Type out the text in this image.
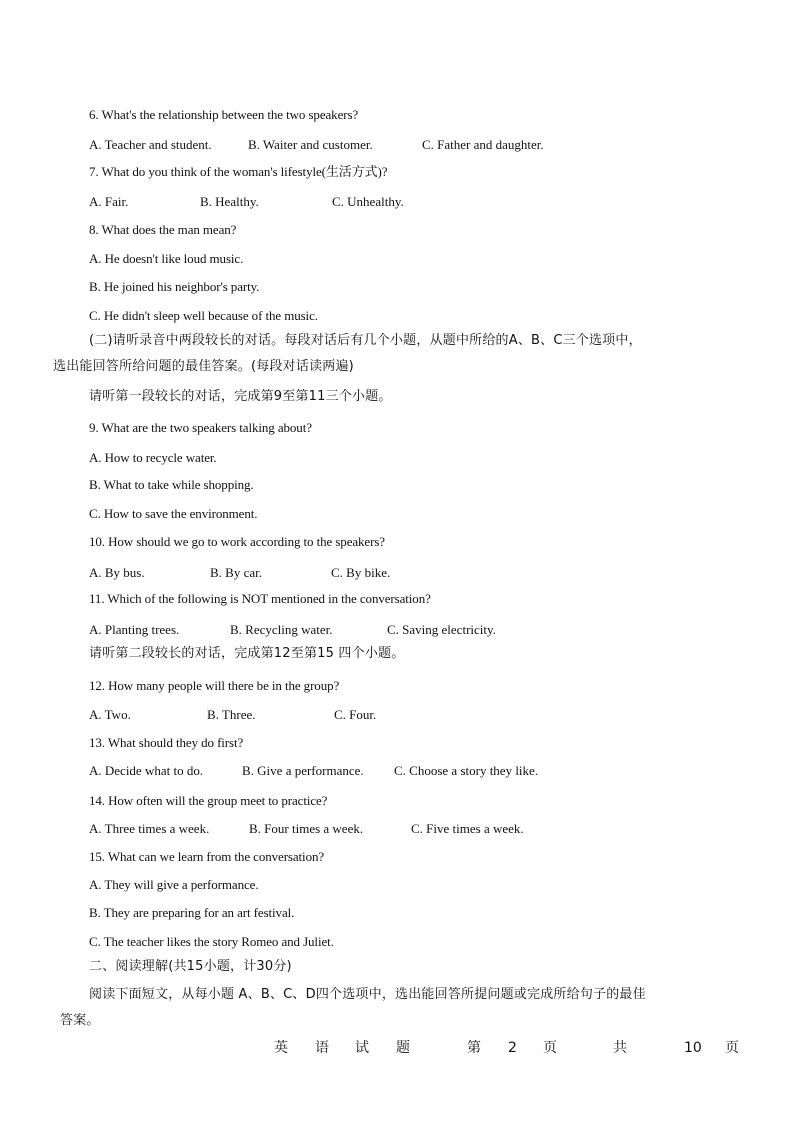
6. What's the relationship between the two speakers?
A. Teacher and student.	B. Waiter and customer.	C. Father and daughter.
7. What do you think of the woman's lifestyle(生活方式)?
A. Fair.	B. Healthy.	C. Unhealthy.
8. What does the man mean?
A. He doesn't like loud music.
B. He joined his neighbor's party.
C. He didn't sleep well because of the music.
(二)请听录音中两段较长的对话。每段对话后有几个小题，从题中所给的A、B、C三个选项中，
选出能回答所给问题的最佳答案。(每段对话读两遍)
请听第一段较长的对话，完成第9至第11三个小题。
9. What are the two speakers talking about?
A. How to recycle water.
B. What to take while shopping.
C. How to save the environment.
10. How should we go to work according to the speakers?
A. By bus.	B. By car.	C. By bike.
11. Which of the following is NOT mentioned in the conversation?
A. Planting trees.	B. Recycling water.	C. Saving electricity.
请听第二段较长的对话，完成第12至第15 四个小题。
12. How many people will there be in the group?
A. Two.	B. Three.	C. Four.
13. What should they do first?
A. Decide what to do.	B. Give a performance. C. Choose a story they like.
14. How often will the group meet to practice?
A. Three times a week.	B. Four times a week.	C. Five times a week.
15. What can we learn from the conversation?
A. They will give a performance.
B. They are preparing for an art festival.
C. The teacher likes the story Romeo and Juliet.
二、阅读理解(共15小题，计30分)
阅读下面短文，从每小题 A、B、C、D四个选项中，选出能回答所提问题或完成所给句子的最佳
答案。
英 语 试 题	第 2 页	共	10 页
